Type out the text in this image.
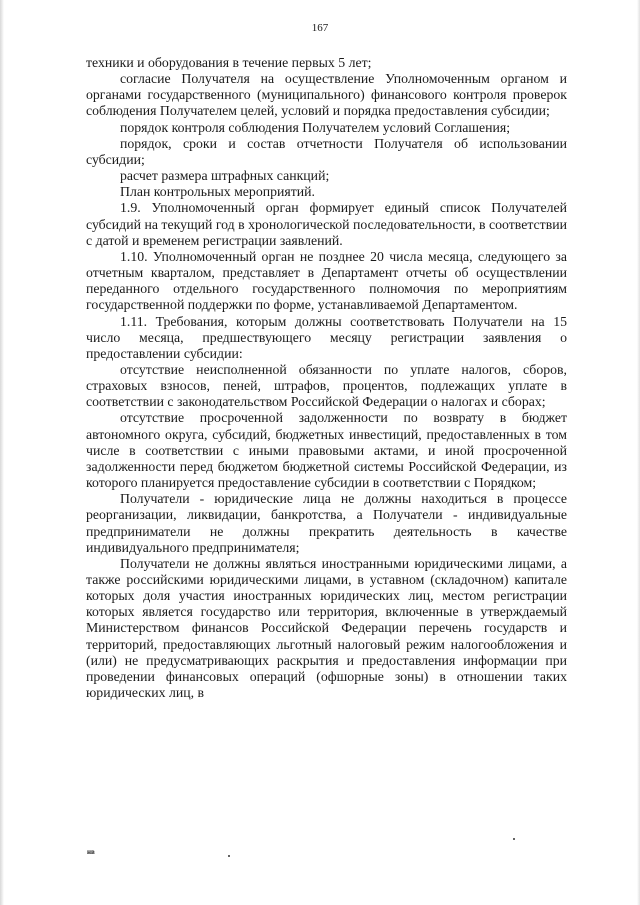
167

техники и оборудования в течение первых 5 лет;

согласие Получателя на осуществление Уполномоченным органом и органами государственного (муниципального) финансового контроля проверок соблюдения Получателем целей, условий и порядка предоставления субсидии;

порядок контроля соблюдения Получателем условий Соглашения;

порядок, сроки и состав отчетности Получателя об использовании субсидии;

расчет размера штрафных санкций;

План контрольных мероприятий.

1.9. Уполномоченный орган формирует единый список Получателей субсидий на текущий год в хронологической последовательности, в соответствии с датой и временем регистрации заявлений.

1.10. Уполномоченный орган не позднее 20 числа месяца, следующего за отчетным кварталом, представляет в Департамент отчеты об осуществлении переданного отдельного государственного полномочия по мероприятиям государственной поддержки по форме, устанавливаемой Департаментом.

1.11. Требования, которым должны соответствовать Получатели на 15 число месяца, предшествующего месяцу регистрации заявления о предоставлении субсидии:

отсутствие неисполненной обязанности по уплате налогов, сборов, страховых взносов, пеней, штрафов, процентов, подлежащих уплате в соответствии с законодательством Российской Федерации о налогах и сборах;

отсутствие просроченной задолженности по возврату в бюджет автономного округа, субсидий, бюджетных инвестиций, предоставленных в том числе в соответствии с иными правовыми актами, и иной просроченной задолженности перед бюджетом бюджетной системы Российской Федерации, из которого планируется предоставление субсидии в соответствии с Порядком;

Получатели - юридические лица не должны находиться в процессе реорганизации, ликвидации, банкротства, а Получатели - индивидуальные предприниматели не должны прекратить деятельность в качестве индивидуального предпринимателя;

Получатели не должны являться иностранными юридическими лицами, а также российскими юридическими лицами, в уставном (складочном) капитале которых доля участия иностранных юридических лиц, местом регистрации которых является государство или территория, включенные в утверждаемый Министерством финансов Российской Федерации перечень государств и территорий, предоставляющих льготный налоговый режим налогообложения и (или) не предусматривающих раскрытия и предоставления информации при проведении финансовых операций (офшорные зоны) в отношении таких юридических лиц, в

нв
